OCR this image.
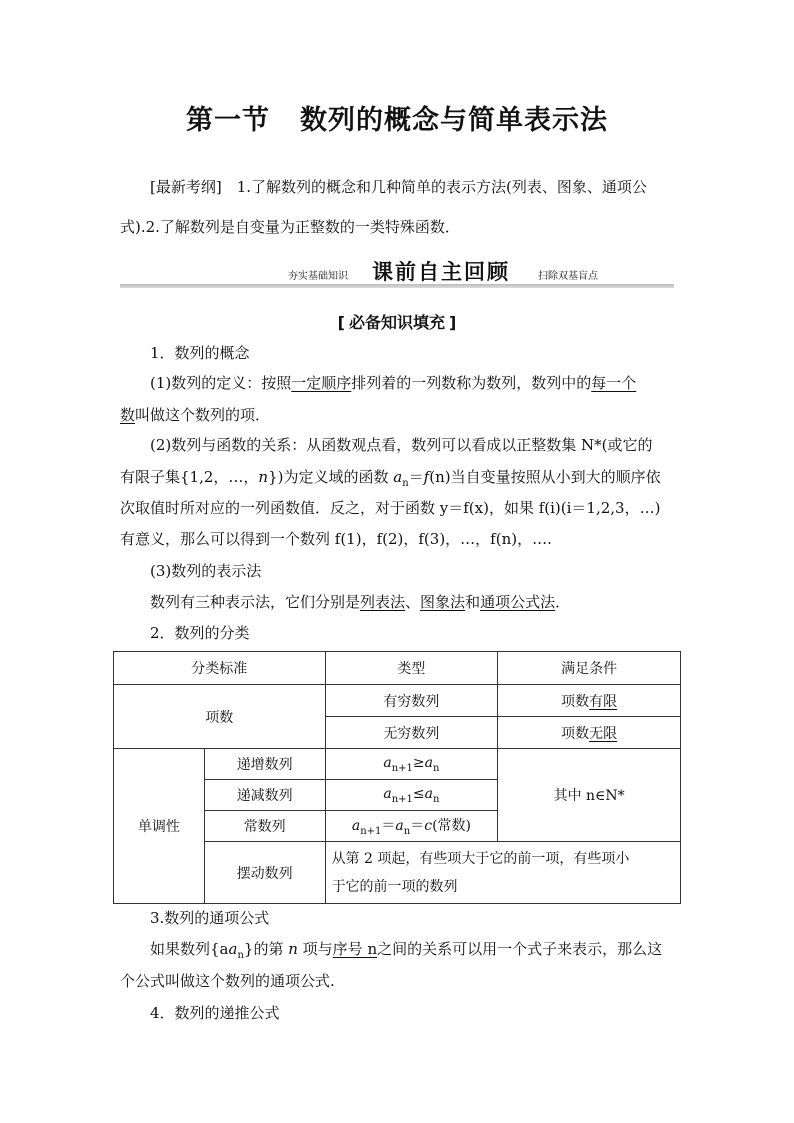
第一节 数列的概念与简单表示法
[最新考纲]　1.了解数列的概念和几种简单的表示方法(列表、图象、通项公
式).2.了解数列是自变量为正整数的一类特殊函数．
夯实基础知识 课前自主回顾	扫除双基盲点
[ 必备知识填充 ]
1．数列的概念
(1)数列的定义：按照一定顺序排列着的一列数称为数列，数列中的每一个
数叫做这个数列的项．
(2)数列与函数的关系：从函数观点看，数列可以看成以正整数集 N*(或它的
有限子集{1,2，…，n})为定义域的函数 $a_n=f(n)$当自变量按照从小到大的顺序依
次取值时所对应的一列函数值．反之，对于函数 y＝f(x)，如果 f(i)(i＝1,2,3，…)
有意义，那么可以得到一个数列 f(1)，f(2)，f(3)，…，f(n)，….
(3)数列的表示法
数列有三种表示法，它们分别是列表法、图象法和通项公式法．
2．数列的分类
分类标准		类型	满足条件
项数		有穷数列	项数有限
		无穷数列	项数无限
单调性	递增数列	$a_{n+1}\ge a_n$	其中 n∈N*
	递减数列	$a_{n+1}\le a_n$
	常数列	$a_{n+1}=a_n=c$(常数)	
	摆动数列	从第 2 项起，有些项大于它的前一项，有些项小
于它的前一项的数列	
3.数列的通项公式
如果数列$\{aa_n\}$的第 n 项与序号 n之间的关系可以用一个式子来表示，那么这
个公式叫做这个数列的通项公式.
4．数列的递推公式
